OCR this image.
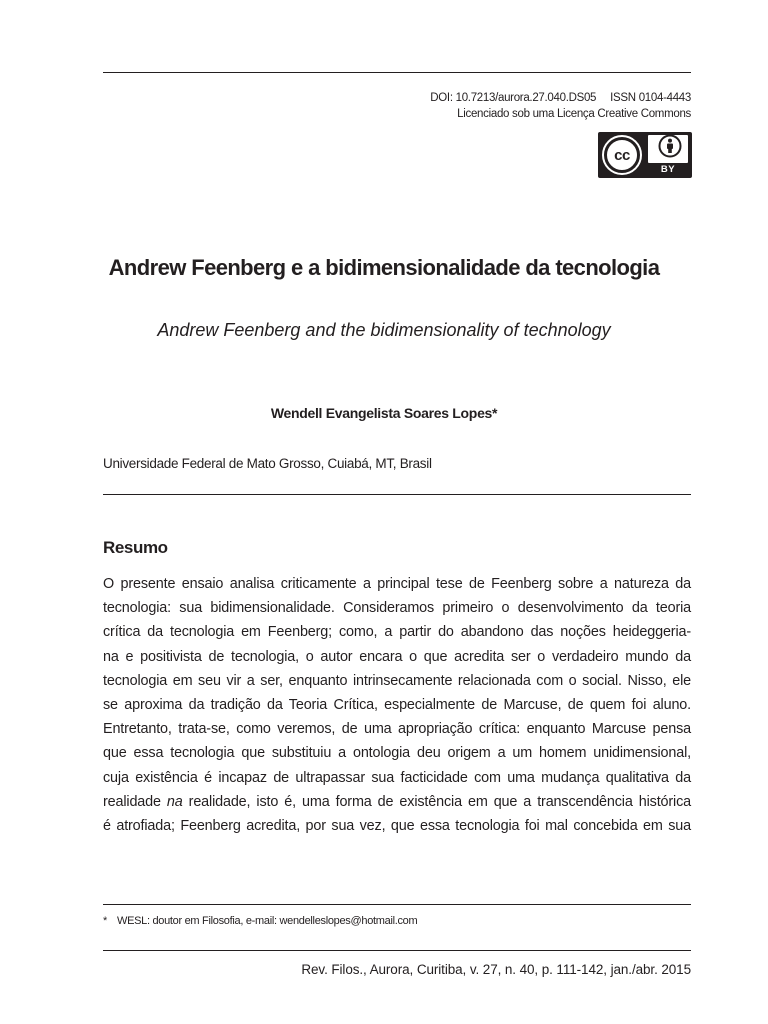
DOI: 10.7213/aurora.27.040.DS05 ISSN 0104-4443
Licenciado sob uma Licença Creative Commons
cc
BY
Andrew Feenberg e a bidimensionalidade da tecnologia
Andrew Feenberg and the bidimensionality of technology
Wendell Evangelista Soares Lopes*
Universidade Federal de Mato Grosso, Cuiabá, MT, Brasil
Resumo
O presente ensaio analisa criticamente a principal tese de Feenberg sobre a natureza da
tecnologia: sua bidimensionalidade. Consideramos primeiro o desenvolvimento da teoria
crítica da tecnologia em Feenberg; como, a partir do abandono das noções heideggeria-
na e positivista de tecnologia, o autor encara o que acredita ser o verdadeiro mundo da
tecnologia em seu vir a ser, enquanto intrinsecamente relacionada com o social. Nisso, ele
se aproxima da tradição da Teoria Crítica, especialmente de Marcuse, de quem foi aluno.
Entretanto, trata-se, como veremos, de uma apropriação crítica: enquanto Marcuse pensa
que essa tecnologia que substituiu a ontologia deu origem a um homem unidimensional,
cuja existência é incapaz de ultrapassar sua facticidade com uma mudança qualitativa da
realidade na realidade, isto é, uma forma de existência em que a transcendência histórica
é atrofiada; Feenberg acredita, por sua vez, que essa tecnologia foi mal concebida em sua
* WESL: doutor em Filosofia, e-mail: wendelleslopes@hotmail.com
Rev. Filos., Aurora, Curitiba, v. 27, n. 40, p. 111-142, jan./abr. 2015
